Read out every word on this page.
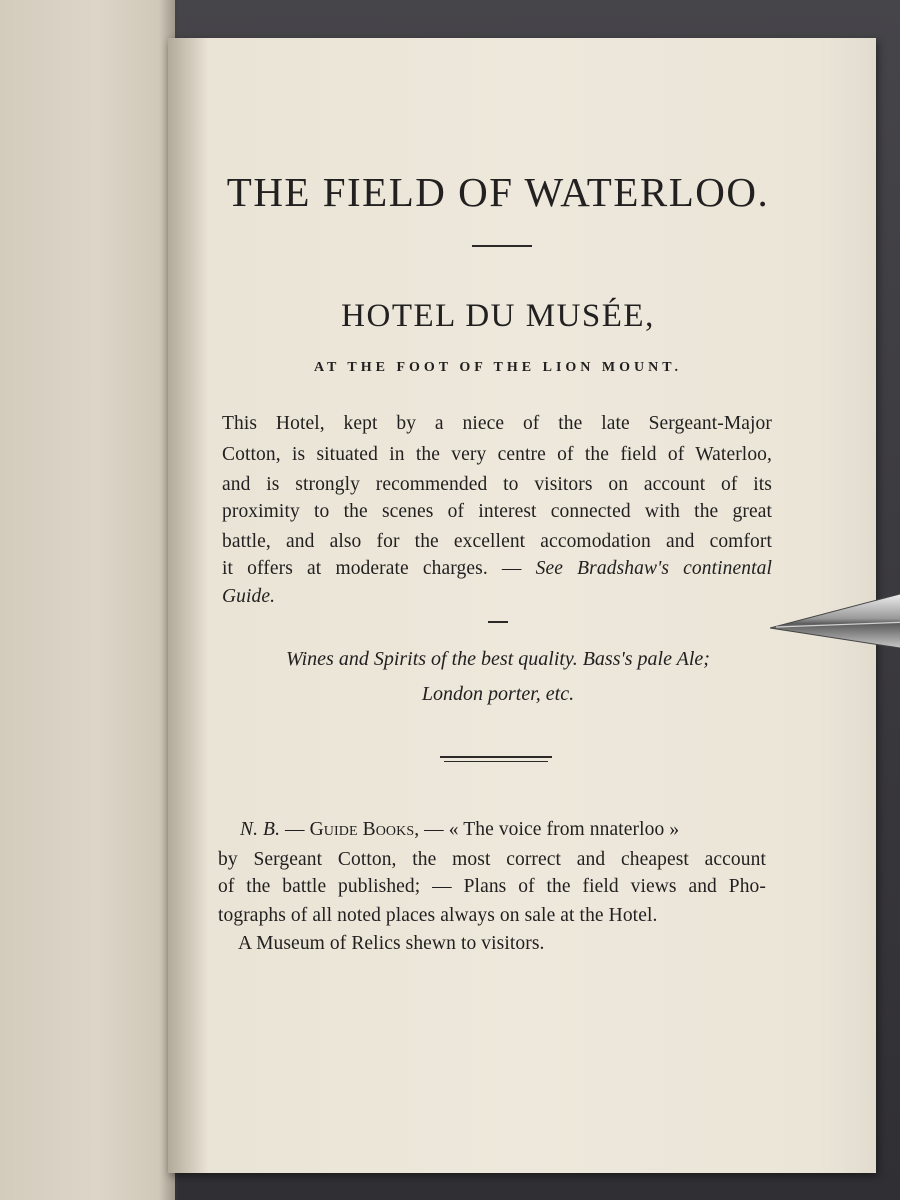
THE FIELD OF WATERLOO.
HOTEL DU MUSÉE,
AT THE FOOT OF THE LION MOUNT.
This Hotel, kept by a niece of the late Sergeant-Major
Cotton, is situated in the very centre of the field of Waterloo,
and is strongly recommended to visitors on account of its
proximity to the scenes of interest connected with the great
battle, and also for the excellent accomodation and comfort
it offers at moderate charges. — See Bradshaw's continental
Guide.
Wines and Spirits of the best quality. Bass's pale Ale;
London porter, etc.
N. B. — Guide Books, — « The voice from nnaterloo »
by Sergeant Cotton, the most correct and cheapest account
of the battle published; — Plans of the field views and Pho-
tographs of all noted places always on sale at the Hotel.
A Museum of Relics shewn to visitors.
